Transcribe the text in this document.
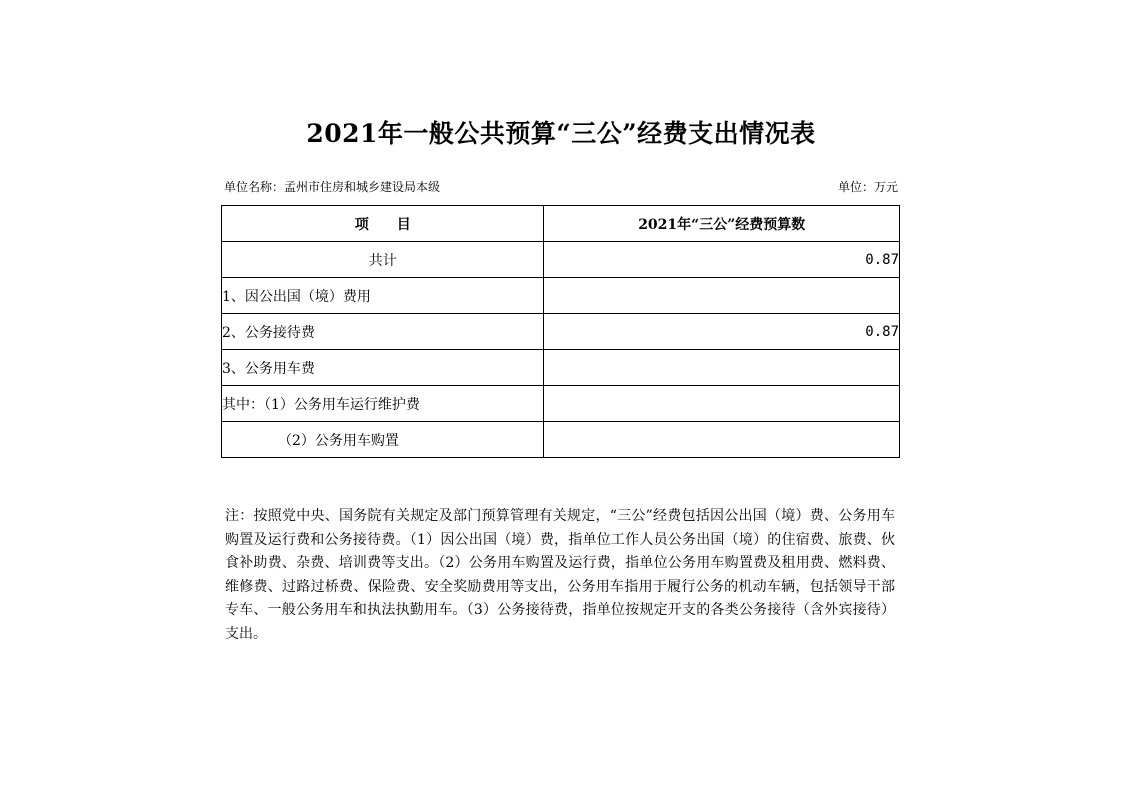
2021年一般公共预算“三公”经费支出情况表
单位名称：孟州市住房和城乡建设局本级	单位：万元
项　　目	2021年“三公”经费预算数
共计	0.87
1、因公出国（境）费用	
2、公务接待费	0.87
3、公务用车费	
其中：（1）公务用车运行维护费	
（2）公务用车购置	
注：按照党中央、国务院有关规定及部门预算管理有关规定，“三公”经费包括因公出国（境）费、公务用车购置及运行费和公务接待费。（1）因公出国（境）费，指单位工作人员公务出国（境）的住宿费、旅费、伙食补助费、杂费、培训费等支出。（2）公务用车购置及运行费，指单位公务用车购置费及租用费、燃料费、维修费、过路过桥费、保险费、安全奖励费用等支出，公务用车指用于履行公务的机动车辆，包括领导干部专车、一般公务用车和执法执勤用车。（3）公务接待费，指单位按规定开支的各类公务接待（含外宾接待）支出。
